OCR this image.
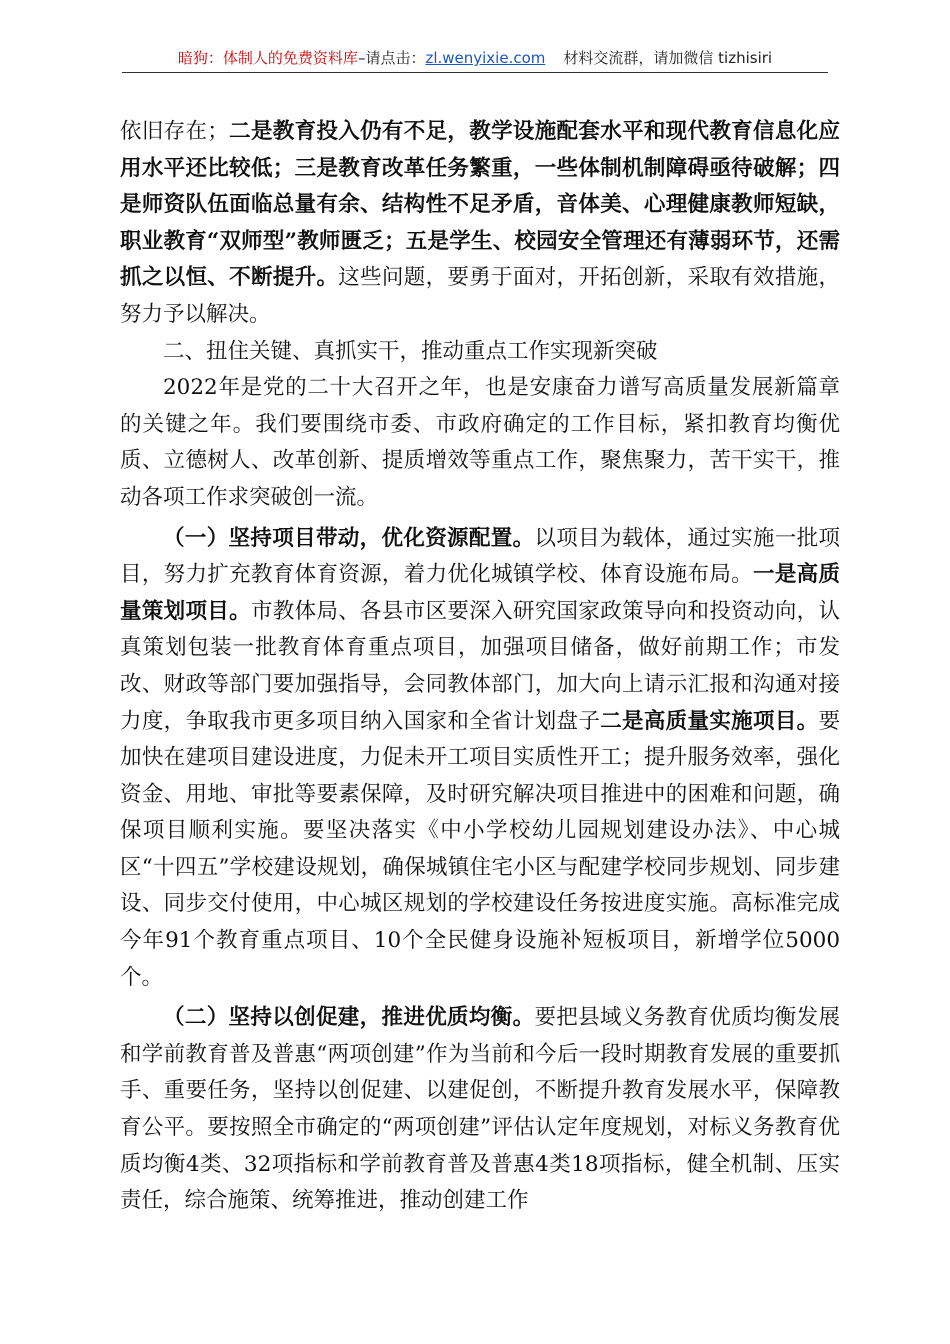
暗狗：体制人的免费资料库–请点击：zl.wenyixie.com 材料交流群，请加微信 tizhisiri

依旧存在；二是教育投入仍有不足，教学设施配套水平和现代教育信息化应用水平还比较低；三是教育改革任务繁重，一些体制机制障碍亟待破解；四是师资队伍面临总量有余、结构性不足矛盾，音体美、心理健康教师短缺，职业教育“双师型”教师匮乏；五是学生、校园安全管理还有薄弱环节，还需抓之以恒、不断提升。这些问题，要勇于面对，开拓创新，采取有效措施，努力予以解决。

二、扭住关键、真抓实干，推动重点工作实现新突破

2022年是党的二十大召开之年，也是安康奋力谱写高质量发展新篇章的关键之年。我们要围绕市委、市政府确定的工作目标，紧扣教育均衡优质、立德树人、改革创新、提质增效等重点工作，聚焦聚力，苦干实干，推动各项工作求突破创一流。

（一）坚持项目带动，优化资源配置。以项目为载体，通过实施一批项目，努力扩充教育体育资源，着力优化城镇学校、体育设施布局。一是高质量策划项目。市教体局、各县市区要深入研究国家政策导向和投资动向，认真策划包装一批教育体育重点项目，加强项目储备，做好前期工作；市发改、财政等部门要加强指导，会同教体部门，加大向上请示汇报和沟通对接力度，争取我市更多项目纳入国家和全省计划盘子二是高质量实施项目。要加快在建项目建设进度，力促未开工项目实质性开工；提升服务效率，强化资金、用地、审批等要素保障，及时研究解决项目推进中的困难和问题，确保项目顺利实施。要坚决落实《中小学校幼儿园规划建设办法》、中心城区“十四五”学校建设规划，确保城镇住宅小区与配建学校同步规划、同步建设、同步交付使用，中心城区规划的学校建设任务按进度实施。高标准完成今年91个教育重点项目、10个全民健身设施补短板项目，新增学位5000个。

（二）坚持以创促建，推进优质均衡。要把县域义务教育优质均衡发展和学前教育普及普惠“两项创建”作为当前和今后一段时期教育发展的重要抓手、重要任务，坚持以创促建、以建促创，不断提升教育发展水平，保障教育公平。要按照全市确定的“两项创建”评估认定年度规划，对标义务教育优质均衡4类、32项指标和学前教育普及普惠4类18项指标，健全机制、压实责任，综合施策、统筹推进，推动创建工作
